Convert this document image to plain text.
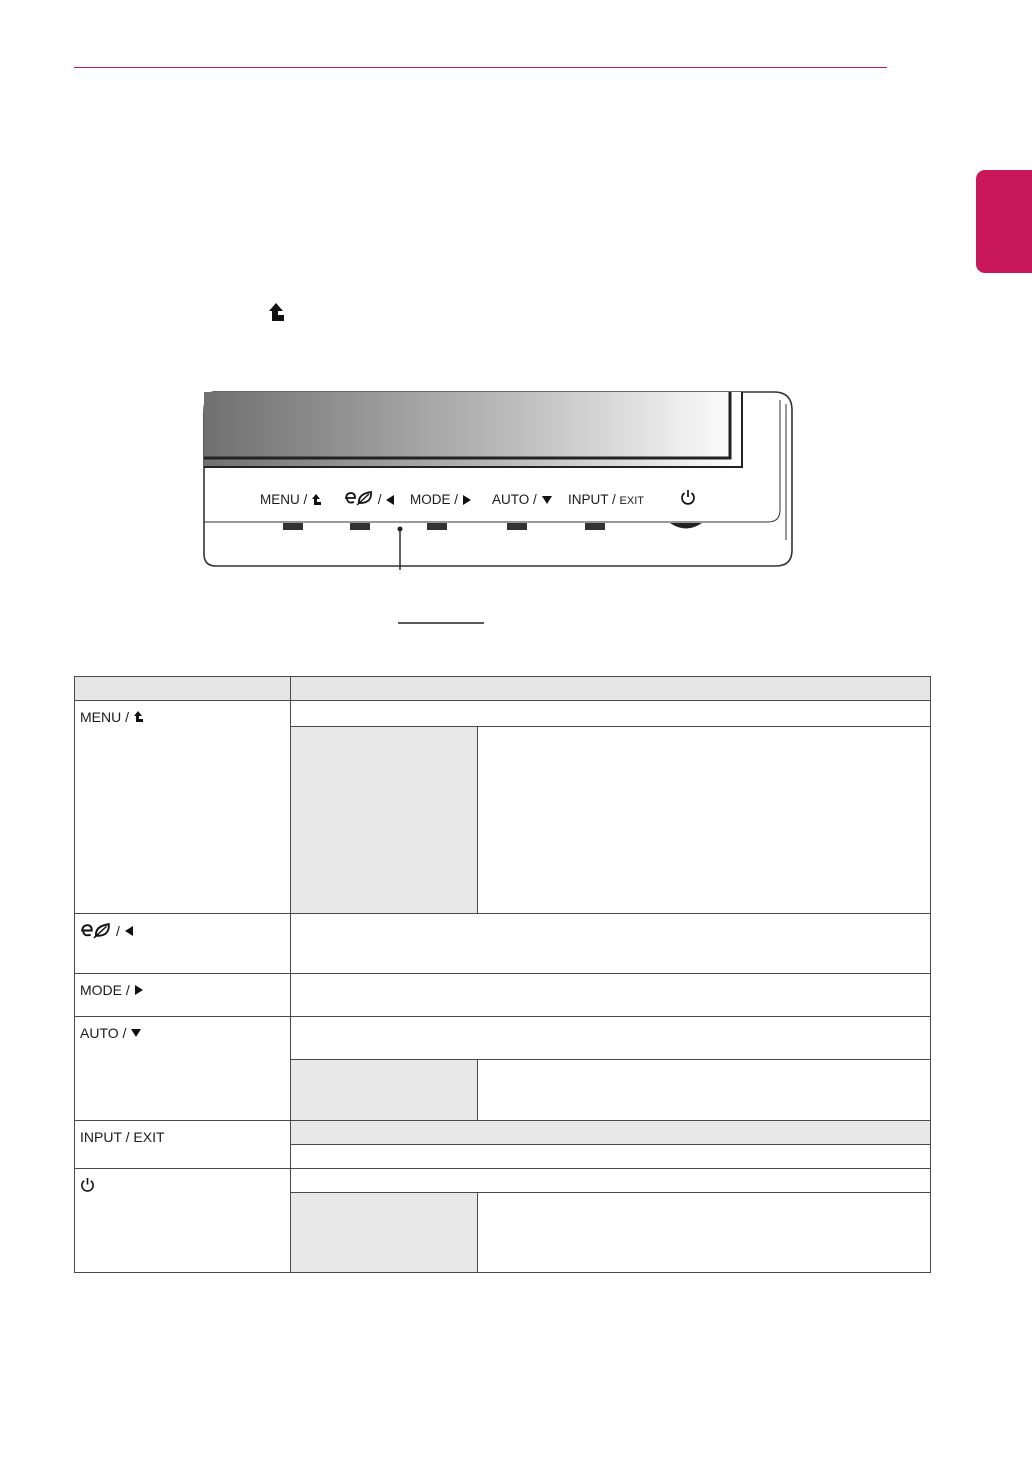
MENU /	/	MODE /	AUTO /	INPUT / EXIT

MENU /		

/		

MODE /		

AUTO /		

INPUT / EXIT		
